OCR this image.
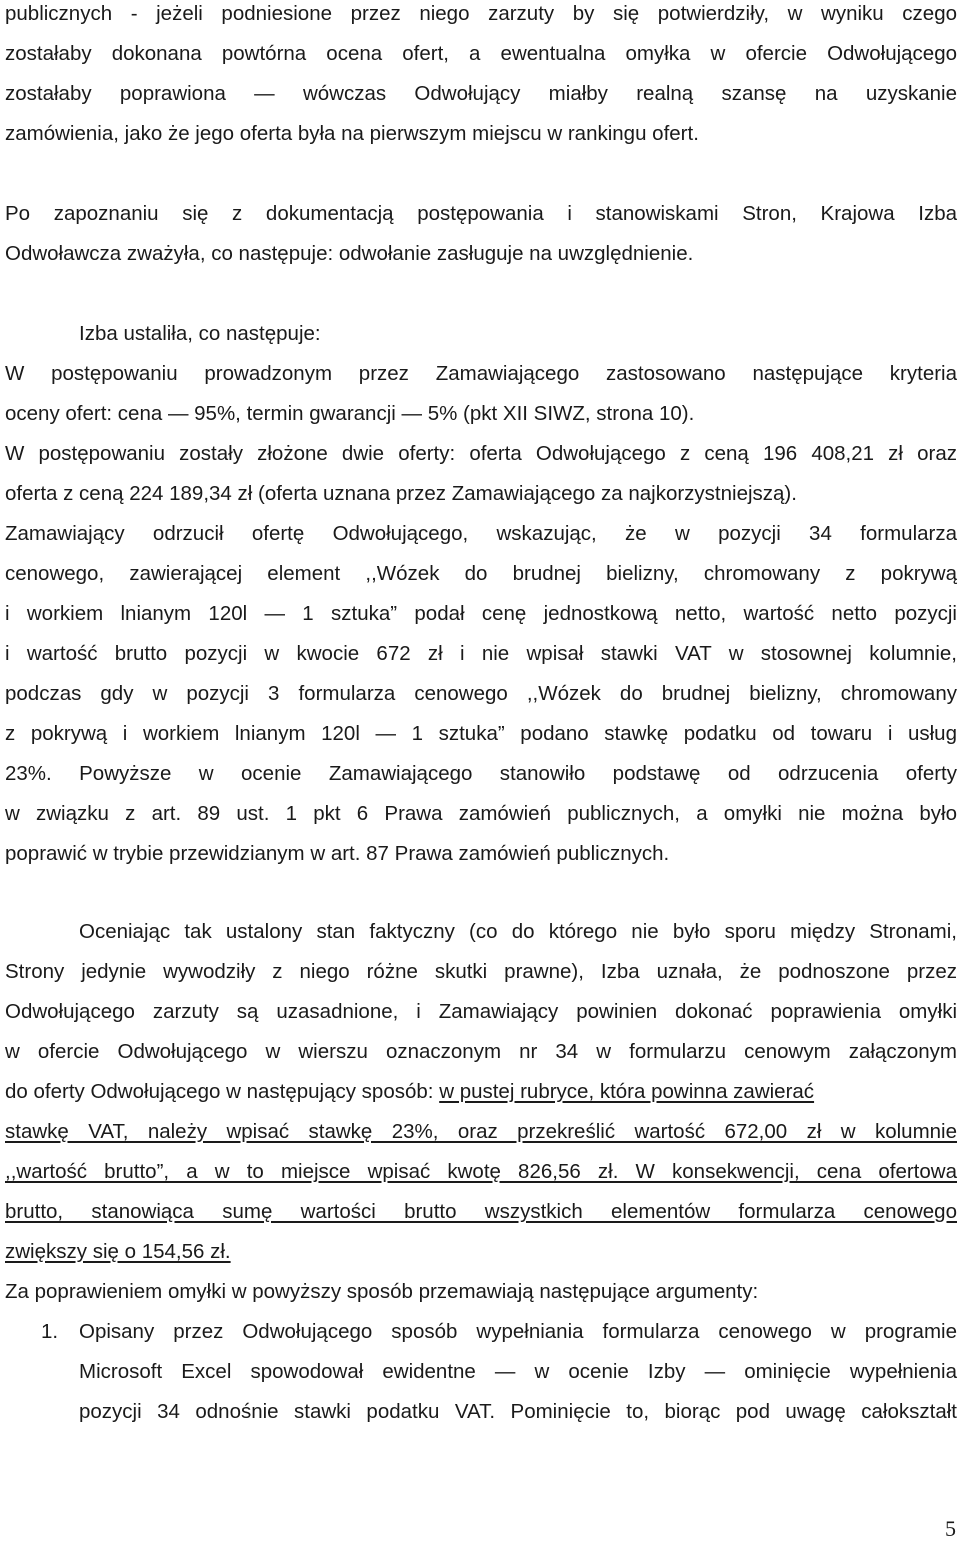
publicznych - jeżeli podniesione przez niego zarzuty by się potwierdziły, w wyniku czego
zostałaby dokonana powtórna ocena ofert, a ewentualna omyłka w ofercie Odwołującego
zostałaby poprawiona — wówczas Odwołujący miałby realną szansę na uzyskanie
zamówienia, jako że jego oferta była na pierwszym miejscu w rankingu ofert.
Po zapoznaniu się z dokumentacją postępowania i stanowiskami Stron, Krajowa Izba
Odwoławcza zważyła, co następuje: odwołanie zasługuje na uwzględnienie.
Izba ustaliła, co następuje:
W postępowaniu prowadzonym przez Zamawiającego zastosowano następujące kryteria
oceny ofert: cena — 95%, termin gwarancji — 5% (pkt XII SIWZ, strona 10).
W postępowaniu zostały złożone dwie oferty: oferta Odwołującego z ceną 196 408,21 zł oraz
oferta z ceną 224 189,34 zł (oferta uznana przez Zamawiającego za najkorzystniejszą).
Zamawiający odrzucił ofertę Odwołującego, wskazując, że w pozycji 34 formularza
cenowego, zawierającej element ,,Wózek do brudnej bielizny, chromowany z pokrywą
i workiem lnianym 120l — 1 sztuka” podał cenę jednostkową netto, wartość netto pozycji
i wartość brutto pozycji w kwocie 672 zł i nie wpisał stawki VAT w stosownej kolumnie,
podczas gdy w pozycji 3 formularza cenowego ,,Wózek do brudnej bielizny, chromowany
z pokrywą i workiem lnianym 120l — 1 sztuka” podano stawkę podatku od towaru i usług
23%. Powyższe w ocenie Zamawiającego stanowiło podstawę od odrzucenia oferty
w związku z art. 89 ust. 1 pkt 6 Prawa zamówień publicznych, a omyłki nie można było
poprawić w trybie przewidzianym w art. 87 Prawa zamówień publicznych.
Oceniając tak ustalony stan faktyczny (co do którego nie było sporu między Stronami,
Strony jedynie wywodziły z niego różne skutki prawne), Izba uznała, że podnoszone przez
Odwołującego zarzuty są uzasadnione, i Zamawiający powinien dokonać poprawienia omyłki
w ofercie Odwołującego w wierszu oznaczonym nr 34 w formularzu cenowym załączonym
do oferty Odwołującego w następujący sposób: w pustej rubryce, która powinna zawierać
stawkę VAT, należy wpisać stawkę 23%, oraz przekreślić wartość 672,00 zł w kolumnie
,,wartość brutto”, a w to miejsce wpisać kwotę 826,56 zł. W konsekwencji, cena ofertowa
brutto, stanowiąca sumę wartości brutto wszystkich elementów formularza cenowego
zwiększy się o 154,56 zł.
Za poprawieniem omyłki w powyższy sposób przemawiają następujące argumenty:
1. Opisany przez Odwołującego sposób wypełniania formularza cenowego w programie
Microsoft Excel spowodował ewidentne — w ocenie Izby — ominięcie wypełnienia
pozycji 34 odnośnie stawki podatku VAT. Pominięcie to, biorąc pod uwagę całokształt
5
